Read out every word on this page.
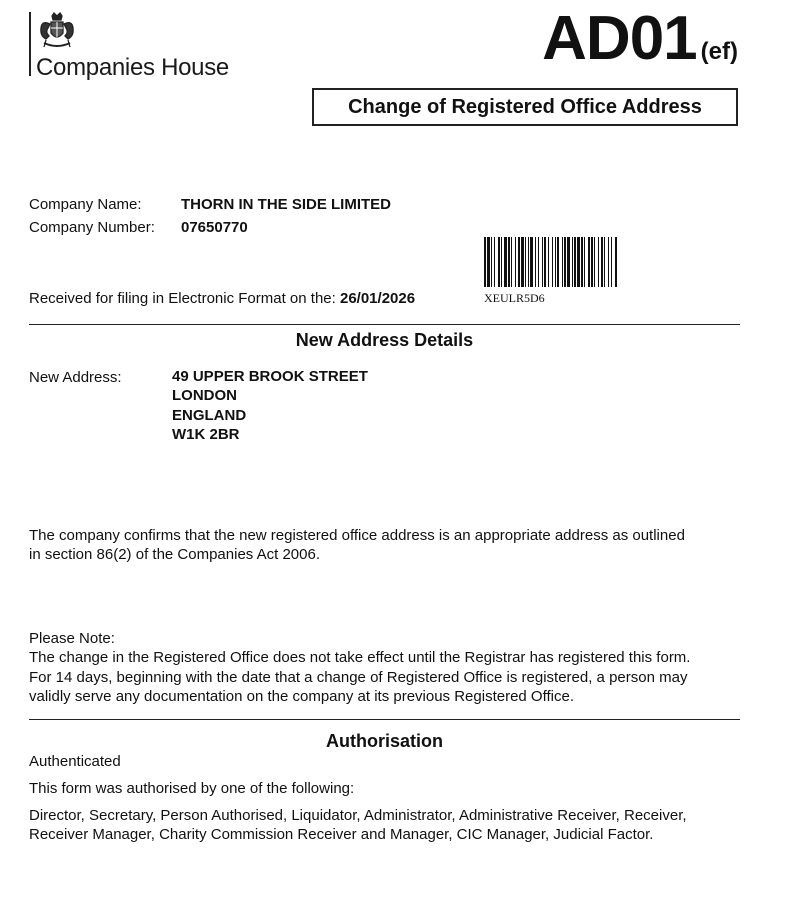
Companies House	AD01 (ef)
Change of Registered Office Address
Company Name:	THORN IN THE SIDE LIMITED
Company Number: 07650770
Received for filing in Electronic Format on the: 26/01/2026	XEULR5D6
New Address Details
New Address:	49 UPPER BROOK STREET
LONDON
ENGLAND
W1K 2BR
The company confirms that the new registered office address is an appropriate address as outlined
in section 86(2) of the Companies Act 2006.
Please Note:
The change in the Registered Office does not take effect until the Registrar has registered this form.
For 14 days, beginning with the date that a change of Registered Office is registered, a person may
validly serve any documentation on the company at its previous Registered Office.
Authorisation
Authenticated
This form was authorised by one of the following:
Director, Secretary, Person Authorised, Liquidator, Administrator, Administrative Receiver, Receiver,
Receiver Manager, Charity Commission Receiver and Manager, CIC Manager, Judicial Factor.
